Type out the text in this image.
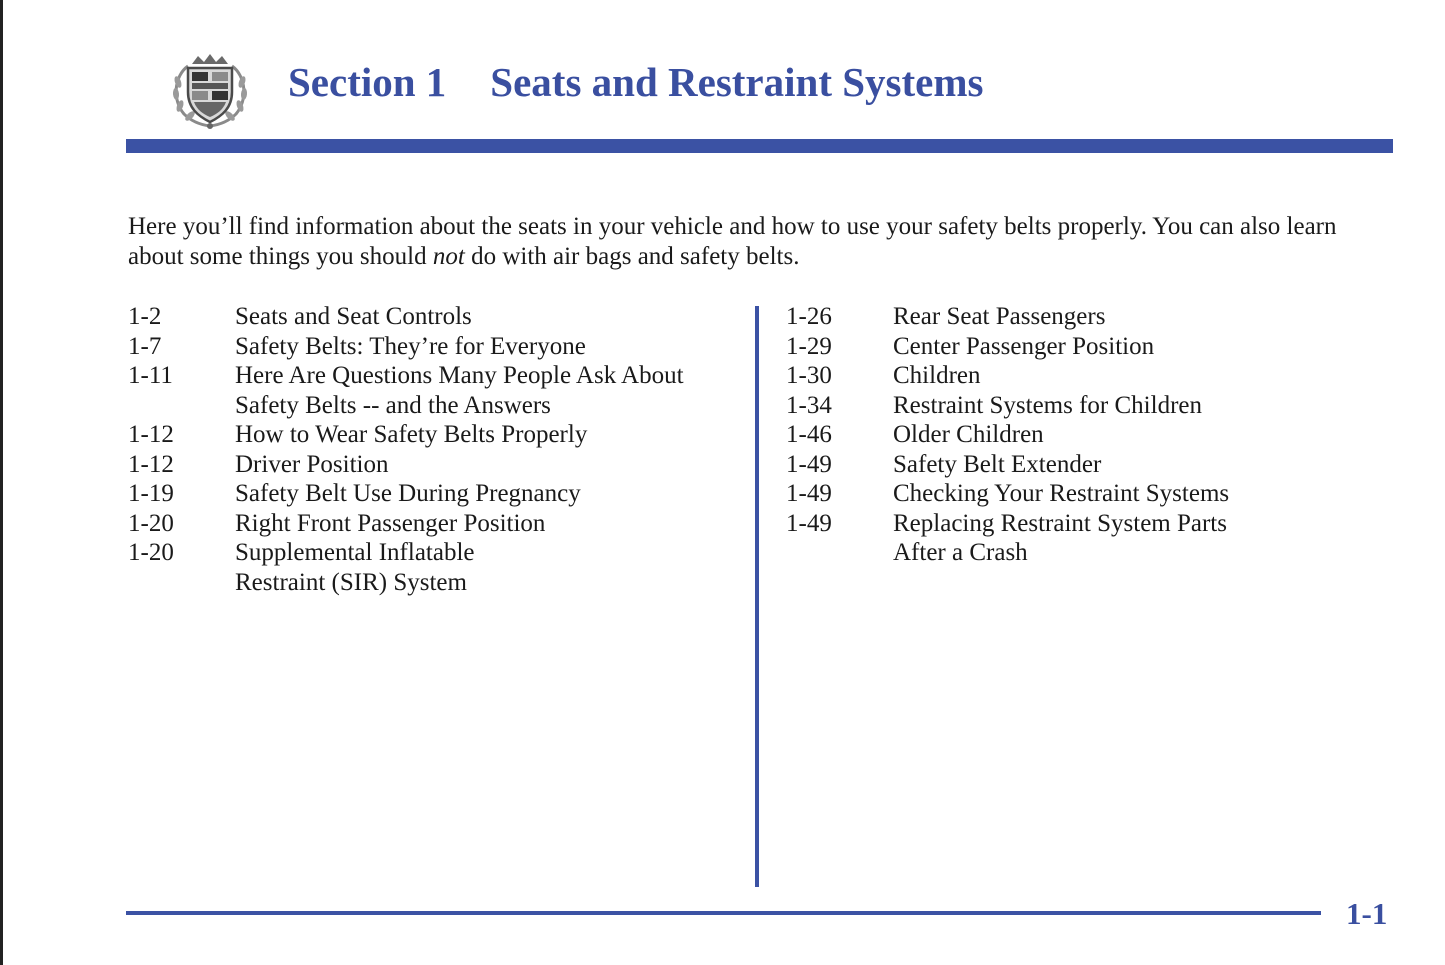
Section 1 Seats and Restraint Systems

Here you’ll find information about the seats in your vehicle and how to use your safety belts properly. You can also learn about some things you should not do with air bags and safety belts.

1-2	Seats and Seat Controls
1-7	Safety Belts: They’re for Everyone
1-11	Here Are Questions Many People Ask About
Safety Belts -- and the Answers
1-12	How to Wear Safety Belts Properly
1-12	Driver Position
1-19	Safety Belt Use During Pregnancy
1-20	Right Front Passenger Position
1-20	Supplemental Inflatable
Restraint (SIR) System
1-26	Rear Seat Passengers
1-29	Center Passenger Position
1-30	Children
1-34	Restraint Systems for Children
1-46	Older Children
1-49	Safety Belt Extender
1-49	Checking Your Restraint Systems
1-49	Replacing Restraint System Parts
After a Crash
1-1
